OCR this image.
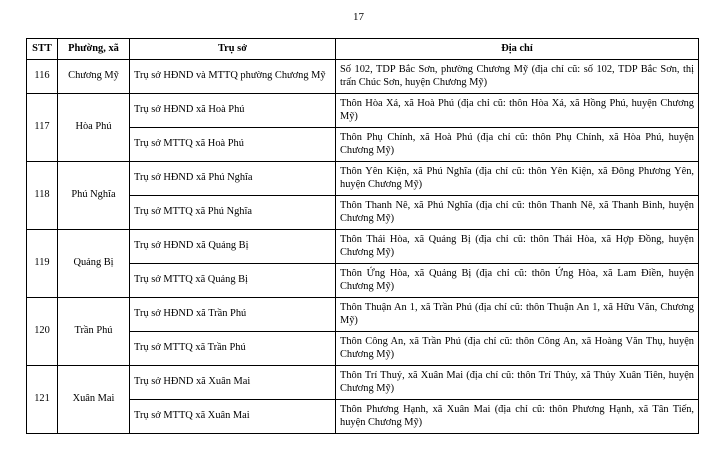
17
STT	Phường, xã	Trụ sở	Địa chỉ
116	Chương Mỹ	Trụ sở HĐND và MTTQ phường Chương Mỹ	Số 102, TDP Bắc Sơn, phường Chương Mỹ (địa chỉ cũ: số 102, TDP Bắc Sơn, thị trấn Chúc Sơn, huyện Chương Mỹ)
117	Hòa Phú	Trụ sở HĐND xã Hoà Phú	Thôn Hòa Xá, xã Hoà Phú (địa chỉ cũ: thôn Hòa Xá, xã Hồng Phú, huyện Chương Mỹ)
		Trụ sở MTTQ xã Hoà Phú	Thôn Phụ Chính, xã Hoà Phú (địa chỉ cũ: thôn Phụ Chính, xã Hòa Phú, huyện Chương Mỹ)
118	Phú Nghĩa	Trụ sở HĐND xã Phú Nghĩa	Thôn Yên Kiện, xã Phú Nghĩa (địa chỉ cũ: thôn Yên Kiện, xã Đông Phương Yên, huyện Chương Mỹ)
		Trụ sở MTTQ xã Phú Nghĩa	Thôn Thanh Nê, xã Phú Nghĩa (địa chỉ cũ: thôn Thanh Nê, xã Thanh Bình, huyện Chương Mỹ)
119	Quảng Bị	Trụ sở HĐND xã Quảng Bị	Thôn Thái Hòa, xã Quảng Bị (địa chỉ cũ: thôn Thái Hòa, xã Hợp Đồng, huyện Chương Mỹ)
		Trụ sở MTTQ xã Quảng Bị	Thôn Ứng Hòa, xã Quảng Bị (địa chỉ cũ: thôn Ứng Hòa, xã Lam Điền, huyện Chương Mỹ)
120	Trần Phú	Trụ sở HĐND xã Trần Phú	Thôn Thuận An 1, xã Trần Phú (địa chỉ cũ: thôn Thuận An 1, xã Hữu Văn, Chương Mỹ)
		Trụ sở MTTQ xã Trần Phú	Thôn Công An, xã Trần Phú (địa chỉ cũ: thôn Công An, xã Hoàng Văn Thụ, huyện Chương Mỹ)
121	Xuân Mai	Trụ sở HĐND xã Xuân Mai	Thôn Trí Thuỷ, xã Xuân Mai (địa chỉ cũ: thôn Trí Thủy, xã Thủy Xuân Tiên, huyện Chương Mỹ)
		Trụ sở MTTQ xã Xuân Mai	Thôn Phương Hạnh, xã Xuân Mai (địa chỉ cũ: thôn Phương Hạnh, xã Tân Tiến, huyện Chương Mỹ)
